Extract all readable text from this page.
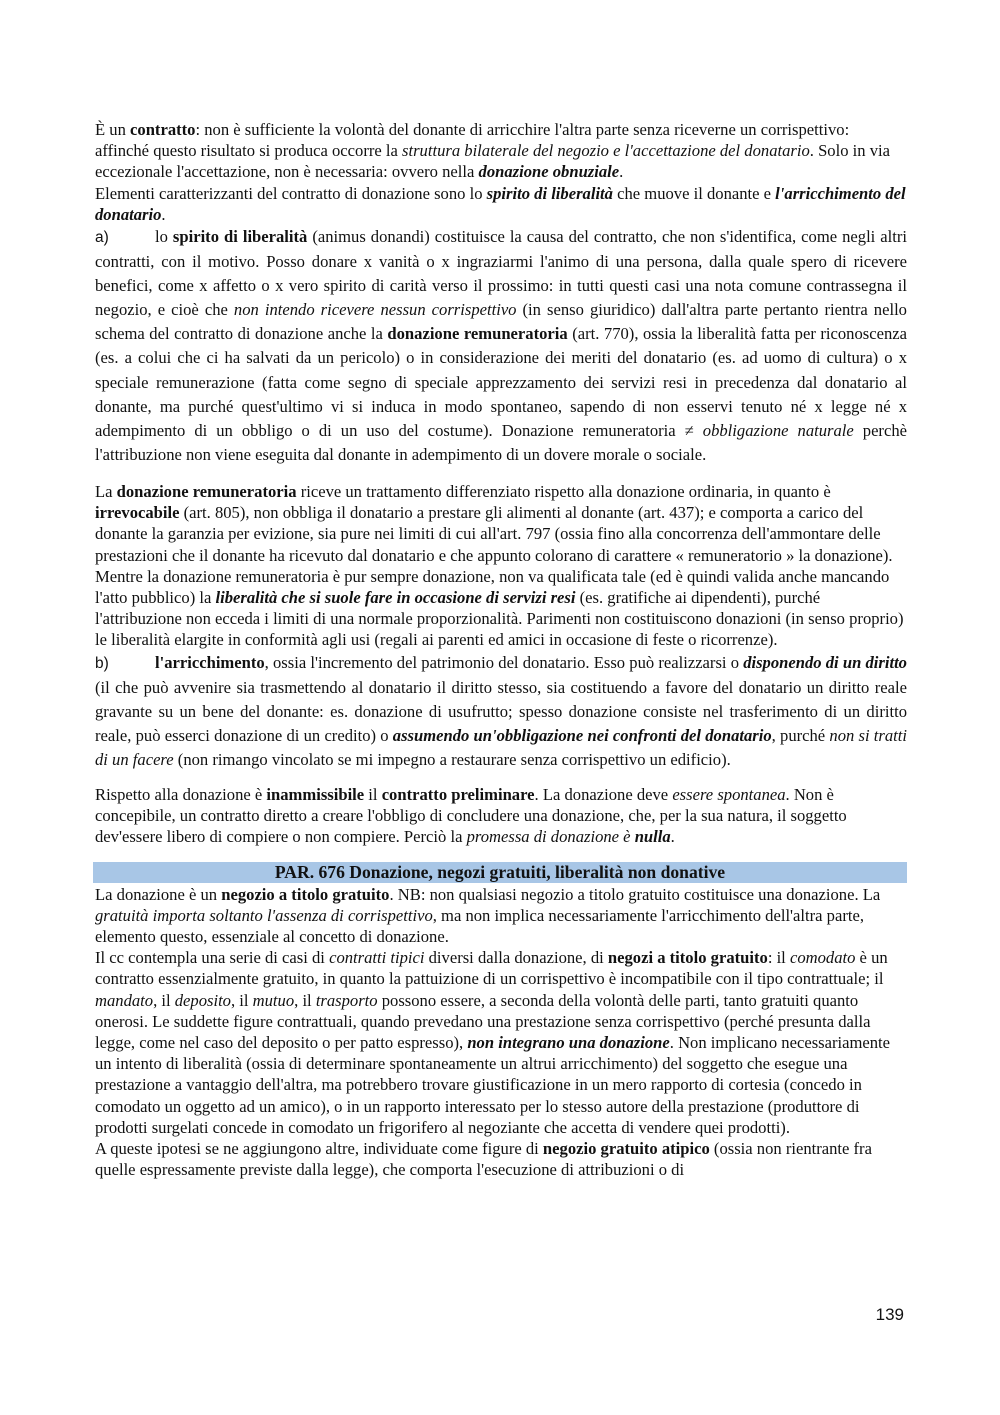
È un contratto: non è sufficiente la volontà del donante di arricchire l'altra parte senza riceverne un corrispettivo: affinché questo risultato si produca occorre la struttura bilaterale del negozio e l'accettazione del donatario. Solo in via eccezionale l'accettazione, non è necessaria: ovvero nella donazione obnuziale.

Elementi caratterizzanti del contratto di donazione sono lo spirito di liberalità che muove il donante e l'arricchimento del donatario.

a)	lo spirito di liberalità (animus donandi) costituisce la causa del contratto, che non s'identifica, come negli altri contratti, con il motivo. Posso donare x vanità o x ingraziarmi l'animo di una persona, dalla quale spero di ricevere benefici, come x affetto o x vero spirito di carità verso il prossimo: in tutti questi casi una nota comune contrassegna il negozio, e cioè che non intendo ricevere nessun corrispettivo (in senso giuridico) dall'altra parte pertanto rientra nello schema del contratto di donazione anche la donazione remuneratoria (art. 770), ossia la liberalità fatta per riconoscenza (es. a colui che ci ha salvati da un pericolo) o in considerazione dei meriti del donatario (es. ad uomo di cultura) o x speciale remunerazione (fatta come segno di speciale apprezzamento dei servizi resi in precedenza dal donatario al donante, ma purché quest'ultimo vi si induca in modo spontaneo, sapendo di non esservi tenuto né x legge né x adempimento di un obbligo o di un uso del costume). Donazione remuneratoria ≠ obbligazione naturale perchè l'attribuzione non viene eseguita dal donante in adempimento di un dovere morale o sociale.

La donazione remuneratoria riceve un trattamento differenziato rispetto alla donazione ordinaria, in quanto è irrevocabile (art. 805), non obbliga il donatario a prestare gli alimenti al donante (art. 437); e comporta a carico del donante la garanzia per evizione, sia pure nei limiti di cui all'art. 797 (ossia fino alla concorrenza dell'ammontare delle prestazioni che il donante ha ricevuto dal donatario e che appunto colorano di carattere « remuneratorio » la donazione).

Mentre la donazione remuneratoria è pur sempre donazione, non va qualificata tale (ed è quindi valida anche mancando l'atto pubblico) la liberalità che si suole fare in occasione di servizi resi (es. gratifiche ai dipendenti), purché l'attribuzione non ecceda i limiti di una normale proporzionalità. Parimenti non costituiscono donazioni (in senso proprio) le liberalità elargite in conformità agli usi (regali ai parenti ed amici in occasione di feste o ricorrenze).

b)	l'arricchimento, ossia l'incremento del patrimonio del donatario. Esso può realizzarsi o disponendo di un diritto (il che può avvenire sia trasmettendo al donatario il diritto stesso, sia costituendo a favore del donatario un diritto reale gravante su un bene del donante: es. donazione di usufrutto; spesso donazione consiste nel trasferimento di un diritto reale, può esserci donazione di un credito) o assumendo un'obbligazione nei confronti del donatario, purché non si tratti di un facere (non rimango vincolato se mi impegno a restaurare senza corrispettivo un edificio).

Rispetto alla donazione è inammissibile il contratto preliminare. La donazione deve essere spontanea. Non è concepibile, un contratto diretto a creare l'obbligo di concludere una donazione, che, per la sua natura, il soggetto dev'essere libero di compiere o non compiere. Perciò la promessa di donazione è nulla.

PAR. 676 Donazione, negozi gratuiti, liberalità non donative

La donazione è un negozio a titolo gratuito. NB: non qualsiasi negozio a titolo gratuito costituisce una donazione. La gratuità importa soltanto l'assenza di corrispettivo, ma non implica necessariamente l'arricchimento dell'altra parte, elemento questo, essenziale al concetto di donazione.

Il cc contempla una serie di casi di contratti tipici diversi dalla donazione, di negozi a titolo gratuito: il comodato è un contratto essenzialmente gratuito, in quanto la pattuizione di un corrispettivo è incompatibile con il tipo contrattuale; il mandato, il deposito, il mutuo, il trasporto possono essere, a seconda della volontà delle parti, tanto gratuiti quanto onerosi. Le suddette figure contrattuali, quando prevedano una prestazione senza corrispettivo (perché presunta dalla legge, come nel caso del deposito o per patto espresso), non integrano una donazione. Non implicano necessariamente un intento di liberalità (ossia di determinare spontaneamente un altrui arricchimento) del soggetto che esegue una prestazione a vantaggio dell'altra, ma potrebbero trovare giustificazione in un mero rapporto di cortesia (concedo in comodato un oggetto ad un amico), o in un rapporto interessato per lo stesso autore della prestazione (produttore di prodotti surgelati concede in comodato un frigorifero al negoziante che accetta di vendere quei prodotti).

A queste ipotesi se ne aggiungono altre, individuate come figure di negozio gratuito atipico (ossia non rientrante fra quelle espressamente previste dalla legge), che comporta l'esecuzione di attribuzioni o di

139
